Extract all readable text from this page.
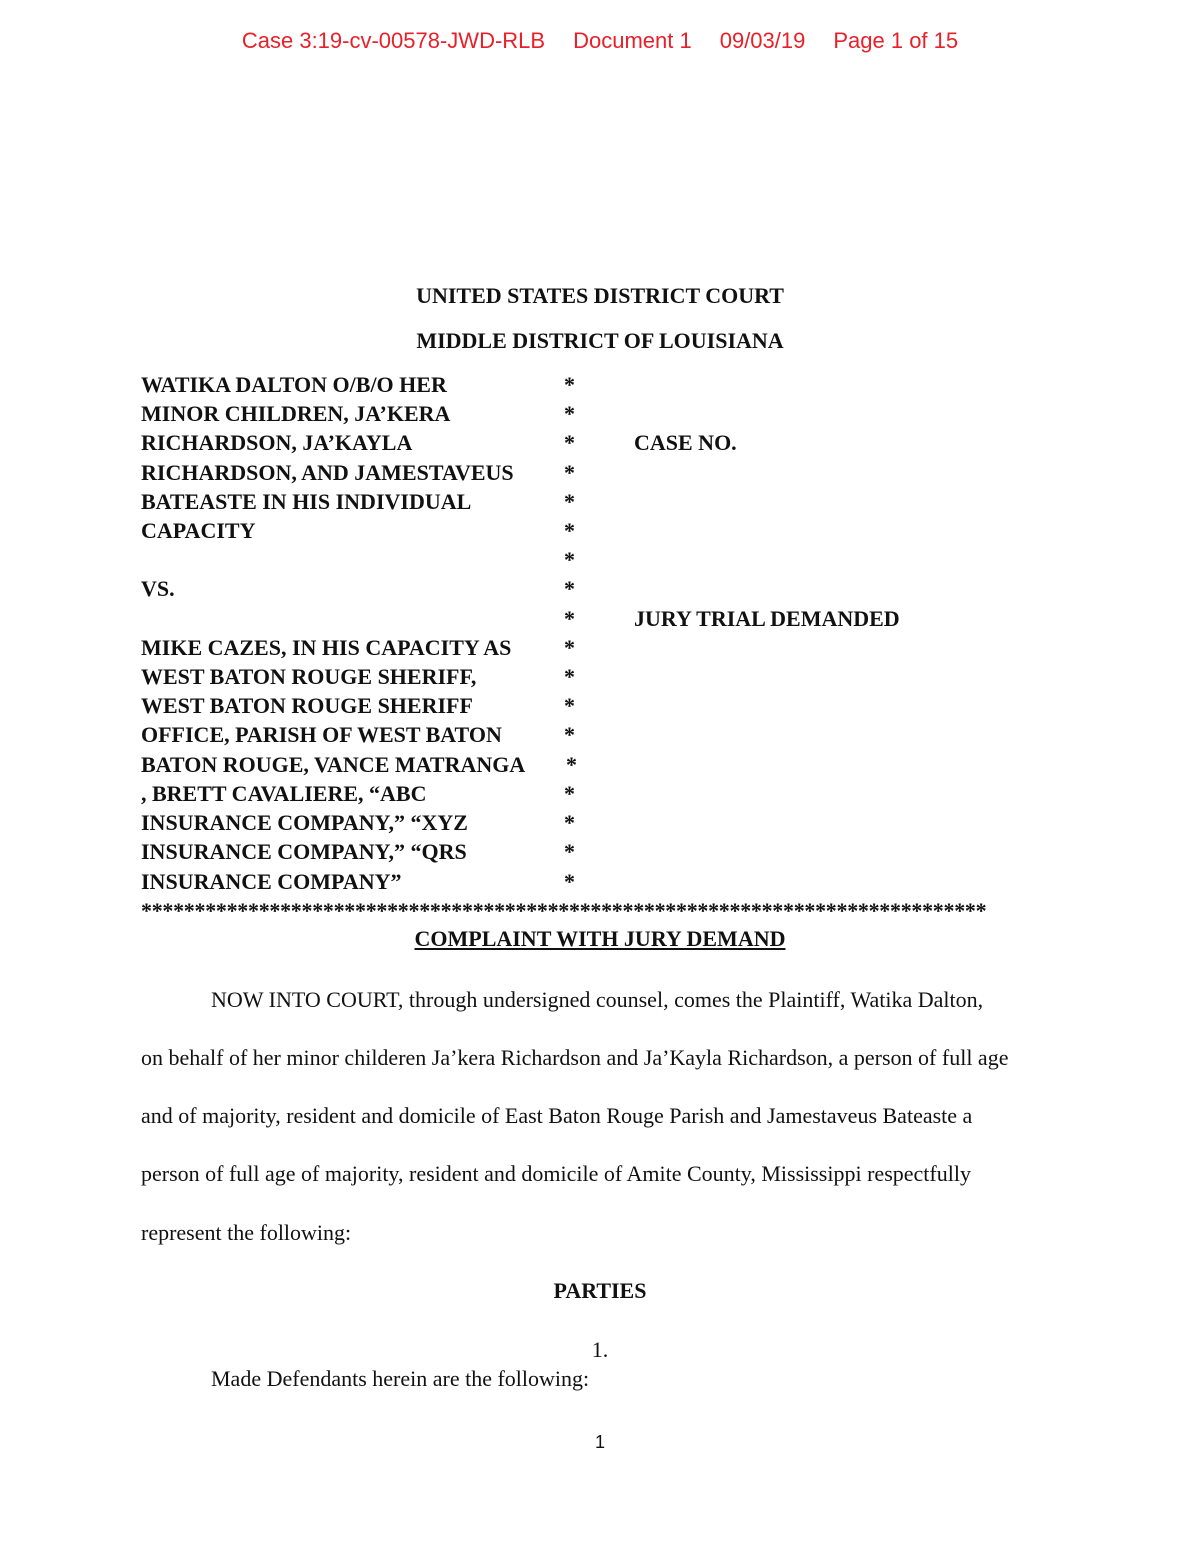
Case 3:19-cv-00578-JWD-RLB Document 1 09/03/19 Page 1 of 15
UNITED STATES DISTRICT COURT
MIDDLE DISTRICT OF LOUISIANA
WATIKA DALTON O/B/O HER	*
MINOR CHILDREN, JA’KERA	*
RICHARDSON, JA’KAYLA	*	CASE NO.
RICHARDSON, AND JAMESTAVEUS *
BATEASTE IN HIS INDIVIDUAL	*
CAPACITY	*
*
VS.	*
*	JURY TRIAL DEMANDED
MIKE CAZES, IN HIS CAPACITY AS *
WEST BATON ROUGE SHERIFF,	*
WEST BATON ROUGE SHERIFF	*
OFFICE, PARISH OF WEST BATON	*
BATON ROUGE, VANCE MATRANGA *
, BRETT CAVALIERE, “ABC	*
INSURANCE COMPANY,” “XYZ	*
INSURANCE COMPANY,” “QRS	*
INSURANCE COMPANY”	*
*******************************************************************************
COMPLAINT WITH JURY DEMAND
NOW INTO COURT, through undersigned counsel, comes the Plaintiff, Watika Dalton,
on behalf of her minor childeren Ja’kera Richardson and Ja’Kayla Richardson, a person of full age
and of majority, resident and domicile of East Baton Rouge Parish and Jamestaveus Bateaste a
person of full age of majority, resident and domicile of Amite County, Mississippi respectfully
represent the following:
PARTIES
1.
Made Defendants herein are the following:
1
